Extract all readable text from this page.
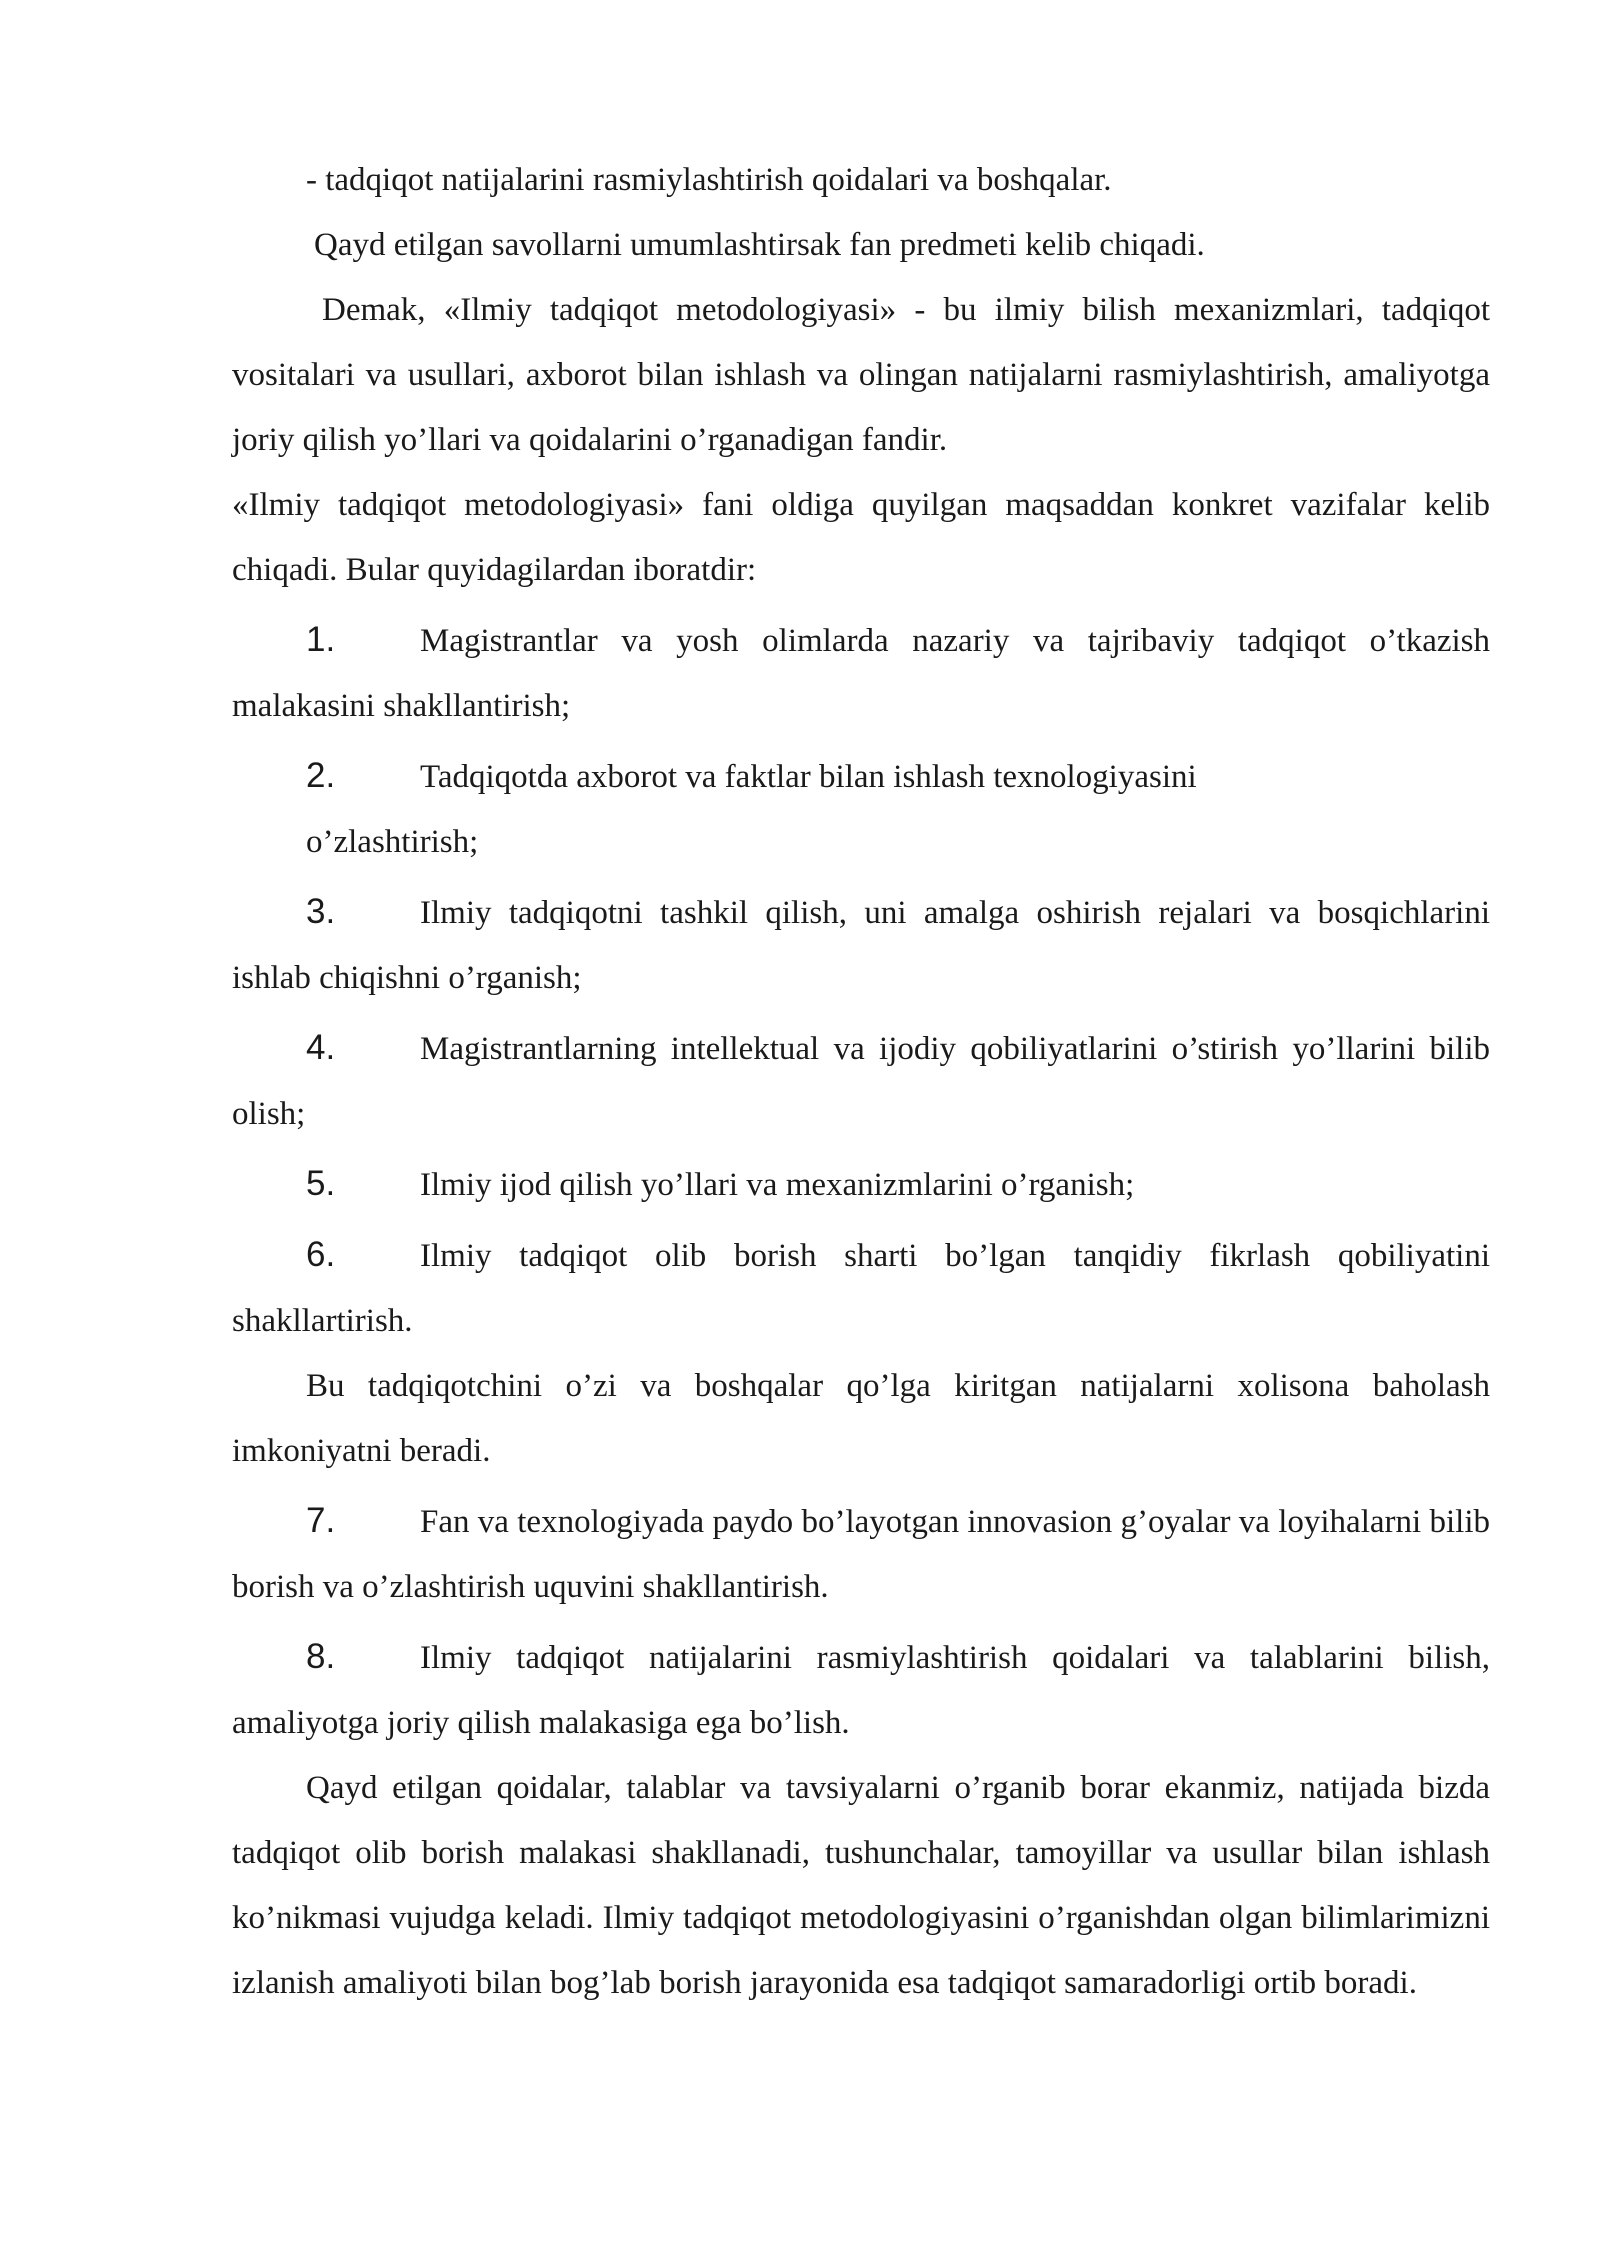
- tadqiqot natijalarini rasmiylashtirish qoidalari va boshqalar.

Qayd etilgan savollarni umumlashtirsak fan predmeti kelib chiqadi.

Demak, «Ilmiy tadqiqot metodologiyasi» - bu ilmiy bilish mexanizmlari, tadqiqot vositalari va usullari, axborot bilan ishlash va olingan natijalarni rasmiylashtirish, amaliyotga joriy qilish yo’llari va qoidalarini o’rganadigan fandir.

«Ilmiy tadqiqot metodologiyasi» fani oldiga quyilgan maqsaddan konkret vazifalar kelib chiqadi. Bular quyidagilardan iboratdir:

1.	Magistrantlar va yosh olimlarda nazariy va tajribaviy tadqiqot o’tkazish malakasini shakllantirish;

2.	Tadqiqotda axborot va faktlar bilan ishlash texnologiyasini

o’zlashtirish;

3.	Ilmiy tadqiqotni tashkil qilish, uni amalga oshirish rejalari va bosqichlarini ishlab chiqishni o’rganish;

4.	Magistrantlarning intellektual va ijodiy qobiliyatlarini o’stirish yo’llarini bilib olish;

5.	Ilmiy ijod qilish yo’llari va mexanizmlarini o’rganish;

6.	Ilmiy tadqiqot olib borish sharti bo’lgan tanqidiy fikrlash qobiliyatini shakllartirish.

Bu tadqiqotchini o’zi va boshqalar qo’lga kiritgan natijalarni xolisona baholash imkoniyatni beradi.

7.	Fan va texnologiyada paydo bo’layotgan innovasion g’oyalar va loyihalarni bilib borish va o’zlashtirish uquvini shakllantirish.

8.	Ilmiy tadqiqot natijalarini rasmiylashtirish qoidalari va talablarini bilish, amaliyotga joriy qilish malakasiga ega bo’lish.

Qayd etilgan qoidalar, talablar va tavsiyalarni o’rganib borar ekanmiz, natijada bizda tadqiqot olib borish malakasi shakllanadi, tushunchalar, tamoyillar va usullar bilan ishlash ko’nikmasi vujudga keladi. Ilmiy tadqiqot metodologiyasini o’rganishdan olgan bilimlarimizni izlanish amaliyoti bilan bog’lab borish jarayonida esa tadqiqot samaradorligi ortib boradi.
